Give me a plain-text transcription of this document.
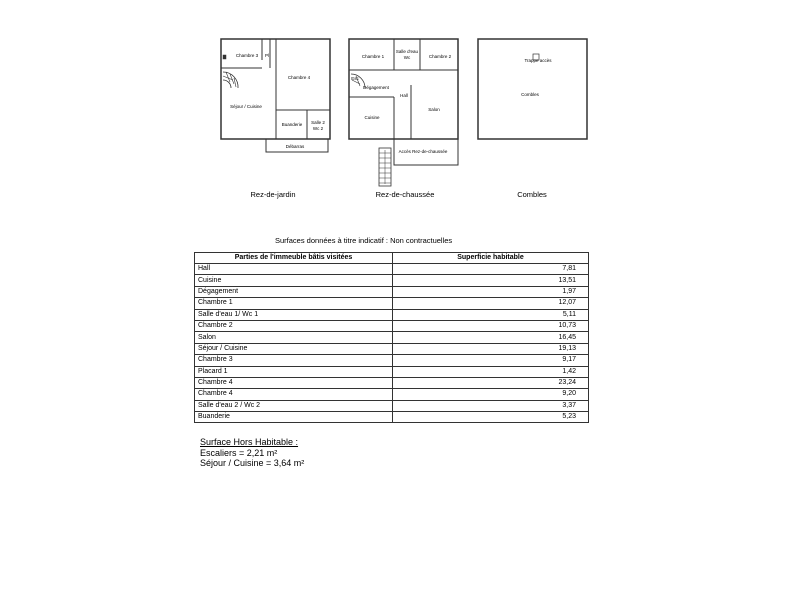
Chambre 3 Pl
Chambre 4
Séjour / Cuisine
Buanderie Salle 2
Wc 2
Débarras
Chambre 1
Salle d'eau
Wc	Chambre 2
Esc
Dégagement
Hall
Cuisine
Salon
Accès Rez-de-chaussée
Trappe accès
Combles
Rez-de-jardin	Rez-de-chaussée	Combles
Surfaces données à titre indicatif : Non contractuelles
Parties de l'immeuble bâtis visitées	Superficie habitable
Hall	7,81
Cuisine	13,51
Dégagement	1,97
Chambre 1	12,07
Salle d'eau 1/ Wc 1	5,11
Chambre 2	10,73
Salon	16,45
Séjour / Cuisine	19,13
Chambre 3	9,17
Placard 1	1,42
Chambre 4	23,24
Chambre 4	9,20
Salle d'eau 2 / Wc 2	3,37
Buanderie	5,23
Surface Hors Habitable :
Escaliers = 2,21 m²
Séjour / Cuisine = 3,64 m²
